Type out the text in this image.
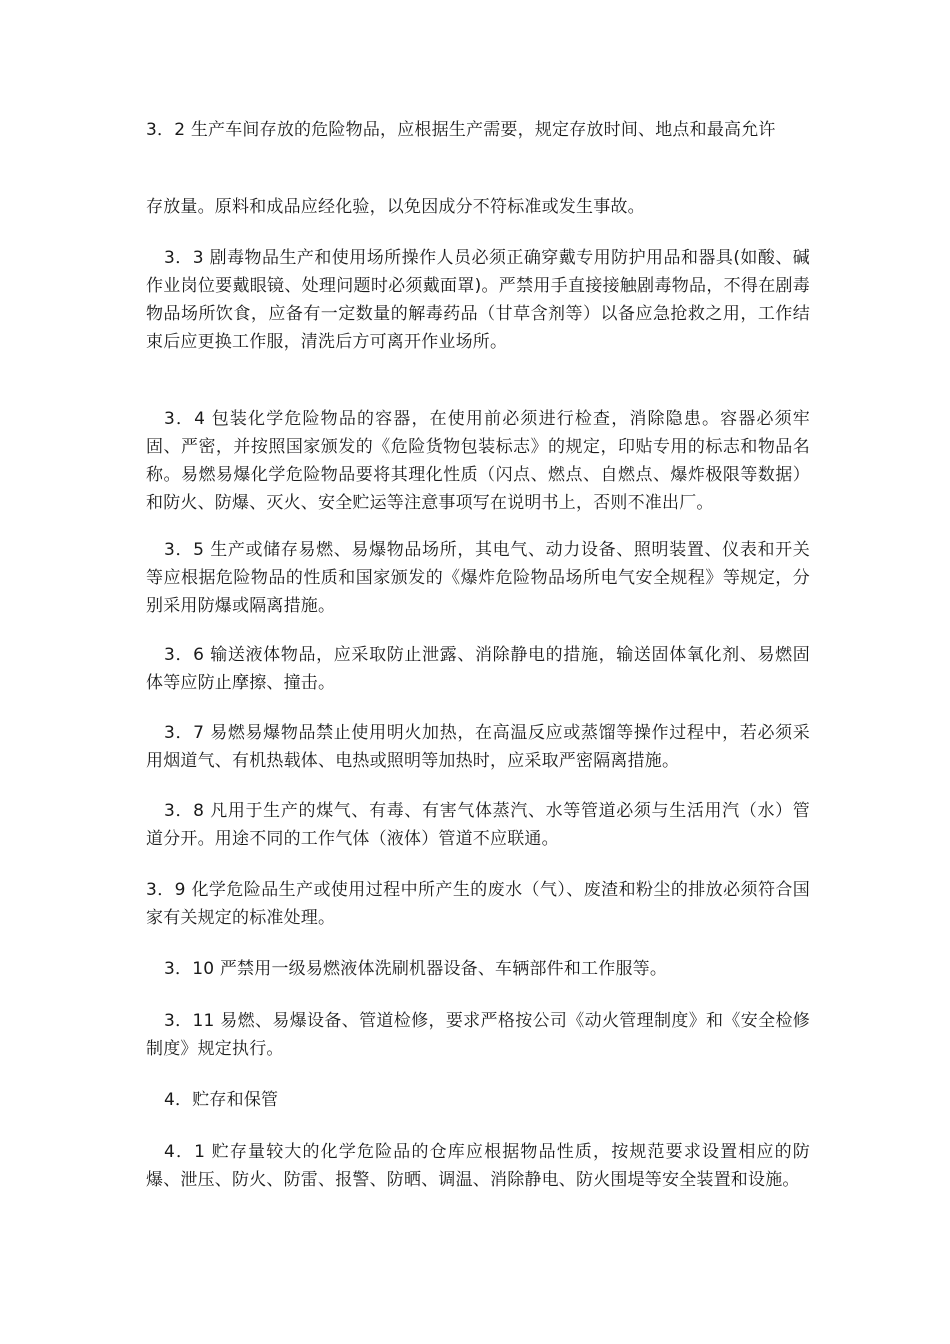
3．2 生产车间存放的危险物品，应根据生产需要，规定存放时间、地点和最高允许

存放量。原料和成品应经化验，以免因成分不符标准或发生事故。

3．3 剧毒物品生产和使用场所操作人员必须正确穿戴专用防护用品和器具(如酸、碱作业岗位要戴眼镜、处理问题时必须戴面罩)。严禁用手直接接触剧毒物品，不得在剧毒物品场所饮食，应备有一定数量的解毒药品（甘草含剂等）以备应急抢救之用，工作结束后应更换工作服，清洗后方可离开作业场所。

3．4 包装化学危险物品的容器，在使用前必须进行检查，消除隐患。容器必须牢固、严密，并按照国家颁发的《危险货物包装标志》的规定，印贴专用的标志和物品名称。易燃易爆化学危险物品要将其理化性质（闪点、燃点、自燃点、爆炸极限等数据）和防火、防爆、灭火、安全贮运等注意事项写在说明书上，否则不准出厂。

3．5 生产或储存易燃、易爆物品场所，其电气、动力设备、照明装置、仪表和开关等应根据危险物品的性质和国家颁发的《爆炸危险物品场所电气安全规程》等规定，分别采用防爆或隔离措施。

3．6 输送液体物品，应采取防止泄露、消除静电的措施，输送固体氧化剂、易燃固体等应防止摩擦、撞击。

3．7 易燃易爆物品禁止使用明火加热，在高温反应或蒸馏等操作过程中，若必须采用烟道气、有机热载体、电热或照明等加热时，应采取严密隔离措施。

3．8 凡用于生产的煤气、有毒、有害气体蒸汽、水等管道必须与生活用汽（水）管道分开。用途不同的工作气体（液体）管道不应联通。

3．9 化学危险品生产或使用过程中所产生的废水（气）、废渣和粉尘的排放必须符合国家有关规定的标准处理。

3．10 严禁用一级易燃液体洗刷机器设备、车辆部件和工作服等。

3．11 易燃、易爆设备、管道检修，要求严格按公司《动火管理制度》和《安全检修制度》规定执行。

4．贮存和保管

4．1 贮存量较大的化学危险品的仓库应根据物品性质，按规范要求设置相应的防爆、泄压、防火、防雷、报警、防晒、调温、消除静电、防火围堤等安全装置和设施。
